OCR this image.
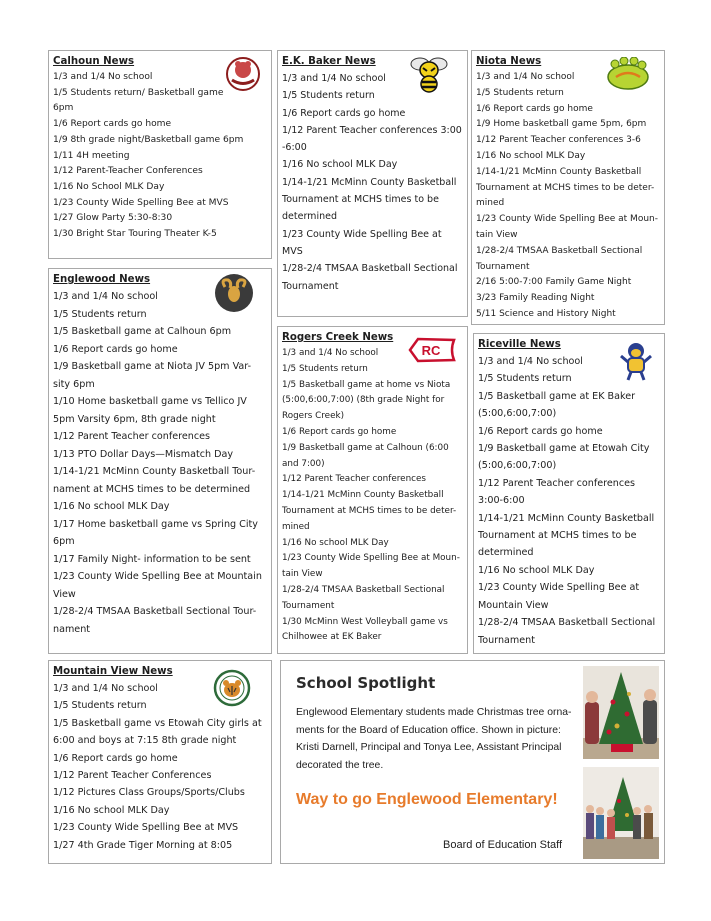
Calhoun News
1/3 and 1/4 No school
1/5 Students return/ Basketball game
6pm
1/6 Report cards go home
1/9 8th grade night/Basketball game 6pm
1/11 4H meeting
1/12 Parent-Teacher Conferences
1/16 No School MLK Day
1/23 County Wide Spelling Bee at MVS
1/27 Glow Party 5:30-8:30
1/30 Bright Star Touring Theater K-5
E.K. Baker News
1/3 and 1/4 No school
1/5 Students return
1/6 Report cards go home
1/12 Parent Teacher conferences 3:00
-6:00
1/16 No school MLK Day
1/14-1/21 McMinn County Basketball
Tournament at MCHS times to be
determined
1/23 County Wide Spelling Bee at
MVS
1/28-2/4 TMSAA Basketball Sectional
Tournament
Niota News
1/3 and 1/4 No school
1/5 Students return
1/6 Report cards go home
1/9 Home basketball game 5pm, 6pm
1/12 Parent Teacher conferences 3-6
1/16 No school MLK Day
1/14-1/21 McMinn County Basketball
Tournament at MCHS times to be deter-
mined
1/23 County Wide Spelling Bee at Moun-
tain View
1/28-2/4 TMSAA Basketball Sectional
Tournament
2/16 5:00-7:00 Family Game Night
3/23 Family Reading Night
5/11 Science and History Night
Englewood News
1/3 and 1/4 No school
1/5 Students return
1/5 Basketball game at Calhoun 6pm
1/6 Report cards go home
1/9 Basketball game at Niota JV 5pm Var-
sity 6pm
1/10 Home basketball game vs Tellico JV
5pm Varsity 6pm, 8th grade night
1/12 Parent Teacher conferences
1/13 PTO Dollar Days—Mismatch Day
1/14-1/21 McMinn County Basketball Tour-
nament at MCHS times to be determined
1/16 No school MLK Day
1/17 Home basketball game vs Spring City
6pm
1/17 Family Night- information to be sent
1/23 County Wide Spelling Bee at Mountain
View
1/28-2/4 TMSAA Basketball Sectional Tour-
nament
Rogers Creek News
1/3 and 1/4 No school
1/5 Students return
1/5 Basketball game at home vs Niota
(5:00,6:00,7:00) (8th grade Night for
Rogers Creek)
1/6 Report cards go home
1/9 Basketball game at Calhoun (6:00
and 7:00)
1/12 Parent Teacher conferences
1/14-1/21 McMinn County Basketball
Tournament at MCHS times to be deter-
mined
1/16 No school MLK Day
1/23 County Wide Spelling Bee at Moun-
tain View
1/28-2/4 TMSAA Basketball Sectional
Tournament
1/30 McMinn West Volleyball game vs
Chilhowee at EK Baker
RC	Riceville News
1/3 and 1/4 No school
1/5 Students return
1/5 Basketball game at EK Baker
(5:00,6:00,7:00)
1/6 Report cards go home
1/9 Basketball game at Etowah City
(5:00,6:00,7:00)
1/12 Parent Teacher conferences
3:00-6:00
1/14-1/21 McMinn County Basketball
Tournament at MCHS times to be
determined
1/16 No school MLK Day
1/23 County Wide Spelling Bee at
Mountain View
1/28-2/4 TMSAA Basketball Sectional
Tournament
Mountain View News
1/3 and 1/4 No school
1/5 Students return
1/5 Basketball game vs Etowah City girls at
6:00 and boys at 7:15 8th grade night
1/6 Report cards go home
1/12 Parent Teacher Conferences
1/12 Pictures Class Groups/Sports/Clubs
1/16 No school MLK Day
1/23 County Wide Spelling Bee at MVS
1/27 4th Grade Tiger Morning at 8:05
School Spotlight
Englewood Elementary students made Christmas tree orna-
ments for the Board of Education office. Shown in picture:
Kristi Darnell, Principal and Tonya Lee, Assistant Principal
decorated the tree.
Way to go Englewood Elementary!
Board of Education Staff
